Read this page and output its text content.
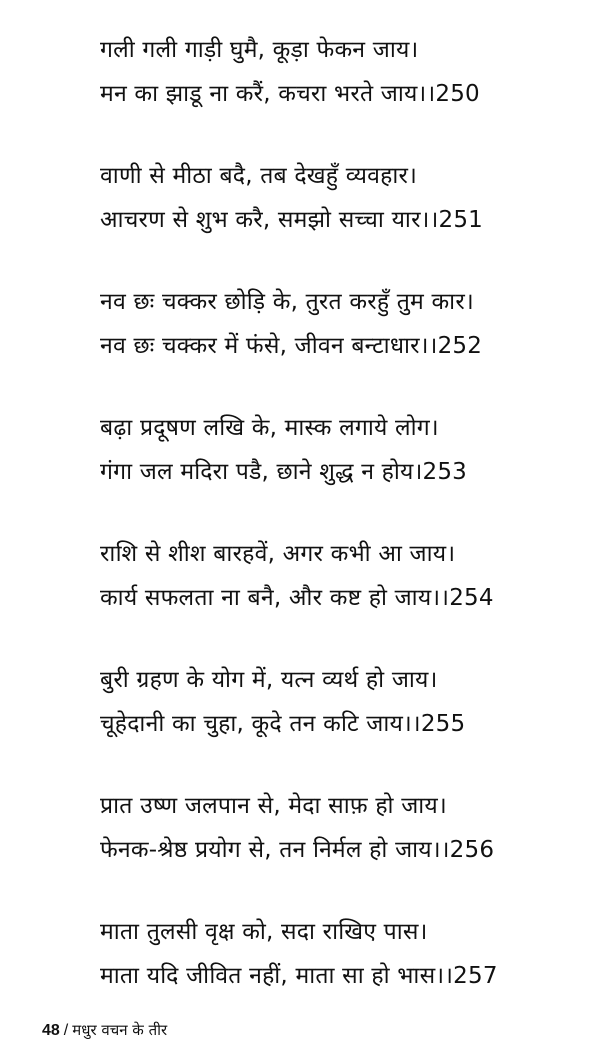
गली गली गाड़ी घुमै, कूड़ा फेकन जाय।
मन का झाडू ना करैं, कचरा भरते जाय।।250
वाणी से मीठा बदै, तब देखहुँ व्यवहार।
आचरण से शुभ करै, समझो सच्चा यार।।251
नव छः चक्कर छोड़ि के, तुरत करहुँ तुम कार।
नव छः चक्कर में फंसे, जीवन बन्टाधार।।252
बढ़ा प्रदूषण लखि के, मास्क लगाये लोग।
गंगा जल मदिरा पडै, छाने शुद्ध न होय।253
राशि से शीश बारहवें, अगर कभी आ जाय।
कार्य सफलता ना बनै, और कष्ट हो जाय।।254
बुरी ग्रहण के योग में, यत्न व्यर्थ हो जाय।
चूहेदानी का चुहा, कूदे तन कटि जाय।।255
प्रात उष्ण जलपान से, मेदा साफ़ हो जाय।
फेनक-श्रेष्ठ प्रयोग से, तन निर्मल हो जाय।।256
माता तुलसी वृक्ष को, सदा राखिए पास।
माता यदि जीवित नहीं, माता सा हो भास।।257
48 / मधुर वचन के तीर
